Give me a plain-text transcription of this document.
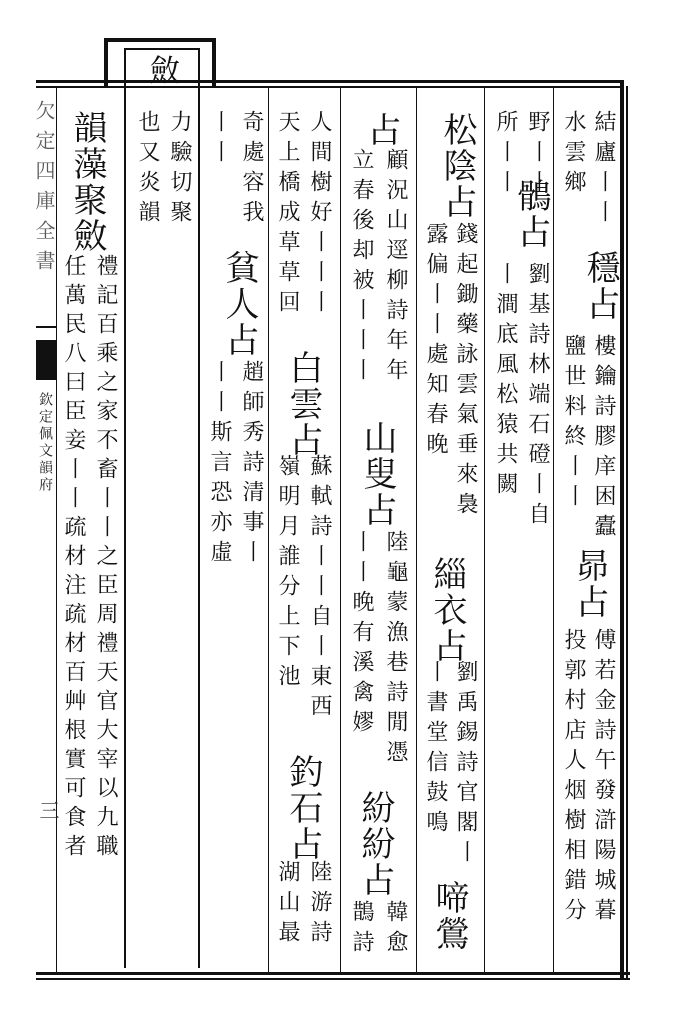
斂
欠定四庫全書
欽定佩文韻府
三
結廬丨丨
穩占
樓鑰詩膠庠困蠹
水雲鄉
鹽世料終丨丨
昴占
傅若金詩午發滸陽城暮
投郭村店人烟樹相錯分
野丨丨
鶻占
劉基詩林端石磴丨自
所丨丨
丨澗底風松猿共闕
松陰占
錢起鋤藥詠雲氣垂來裊
露偏丨丨處知春晚
緇衣占
劉禹錫詩官閣丨
丨書堂信鼓鳴
啼鶯
占
顧況山逕柳詩年年
立春後却被丨丨丨
山叟占
陸龜蒙漁巷詩閒憑
丨丨晚有溪禽嫪
紛紛占
韓愈
鵲詩
人間樹好丨丨丨
天上橋成草草回
白雲占
蘇軾詩丨丨自丨東西
嶺明月誰分上下池
釣石占
陸游詩
湖山最
奇處容我
貧人占
趙師秀詩清事丨
丨丨
丨丨斯言恐亦虛
力驗切聚
也又炎韻
韻藻聚斂
禮記百乘之家不畜丨丨之臣周禮天官大宰以九職
任萬民八曰臣妾丨丨疏材注疏材百艸根實可食者
